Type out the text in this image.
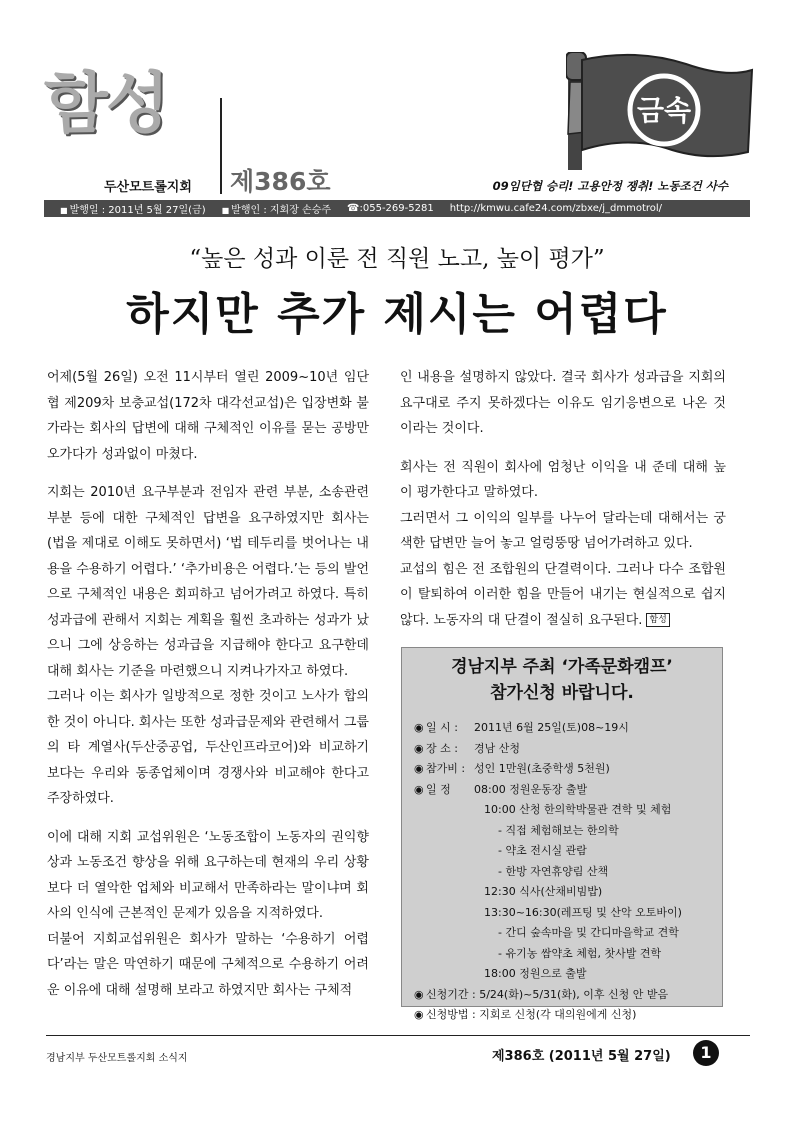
함성
두산모트롤지회 제386호
금속
09임단협 승리! 고용안정 쟁취! 노동조건 사수
■ 발행일 : 2011년 5월 27일(금) ■ 발행인 : 지회장 손승주 ☎:055-269-5281 http://kmwu.cafe24.com/zbxe/j_dmmotrol/
“높은 성과 이룬 전 직원 노고, 높이 평가”
하지만 추가 제시는 어렵다

어제(5월 26일) 오전 11시부터 열린 2009~10년 임단협 제209차 보충교섭(172차 대각선교섭)은 입장변화 불가라는 회사의 답변에 대해 구체적인 이유를 묻는 공방만 오가다가 성과없이 마쳤다.

지회는 2010년 요구부분과 전임자 관련 부분, 소송관련 부분 등에 대한 구체적인 답변을 요구하였지만 회사는 (법을 제대로 이해도 못하면서) ‘법 테두리를 벗어나는 내용을 수용하기 어렵다.’ ‘추가비용은 어렵다.’는 등의 발언으로 구체적인 내용은 회피하고 넘어가려고 하였다. 특히 성과급에 관해서 지회는 계획을 훨씬 초과하는 성과가 났으니 그에 상응하는 성과급을 지급해야 한다고 요구한데 대해 회사는 기준을 마련했으니 지켜나가자고 하였다.

그러나 이는 회사가 일방적으로 정한 것이고 노사가 합의한 것이 아니다. 회사는 또한 성과급문제와 관련해서 그룹의 타 계열사(두산중공업, 두산인프라코어)와 비교하기 보다는 우리와 동종업체이며 경쟁사와 비교해야 한다고 주장하였다.

이에 대해 지회 교섭위원은 ‘노동조합이 노동자의 권익향상과 노동조건 향상을 위해 요구하는데 현재의 우리 상황보다 더 열악한 업체와 비교해서 만족하라는 말이냐며 회사의 인식에 근본적인 문제가 있음을 지적하였다.

더불어 지회교섭위원은 회사가 말하는 ‘수용하기 어렵다’라는 말은 막연하기 때문에 구체적으로 수용하기 어려운 이유에 대해 설명해 보라고 하였지만 회사는 구체적

인 내용을 설명하지 않았다. 결국 회사가 성과급을 지회의 요구대로 주지 못하겠다는 이유도 임기응변으로 나온 것이라는 것이다.

회사는 전 직원이 회사에 엄청난 이익을 내 준데 대해 높이 평가한다고 말하였다.

그러면서 그 이익의 일부를 나누어 달라는데 대해서는 궁색한 답변만 늘어 놓고 얼렁뚱땅 넘어가려하고 있다.

교섭의 힘은 전 조합원의 단결력이다. 그러나 다수 조합원이 탈퇴하여 이러한 힘을 만들어 내기는 현실적으로 쉽지 않다. 노동자의 대 단결이 절실히 요구된다. 함성

경남지부 주최 ‘가족문화캠프’
참가신청 바랍니다.
◉ 일 시 :	2011년 6월 25일(토)08~19시
◉ 장 소 :	경남 산청
◉ 참가비 : 성인 1만원(초중학생 5천원)
◉ 일 정	08:00 정원운동장 출발
10:00 산청 한의학박물관 견학 및 체험
- 직접 체험해보는 한의학
- 약초 전시실 관람
- 한방 자연휴양림 산책
12:30 식사(산채비빔밥)
13:30~16:30(레프팅 및 산악 오토바이)
- 간디 숲속마을 및 간디마을학교 견학
- 유기농 쌈약초 체험, 찻사발 견학
18:00 정원으로 출발
◉ 신청기간 : 5/24(화)~5/31(화), 이후 신청 안 받음
◉ 신청방법 : 지회로 신청(각 대의원에게 신청)
경남지부 두산모트롤지회 소식지	제386호 (2011년 5월 27일)	1
